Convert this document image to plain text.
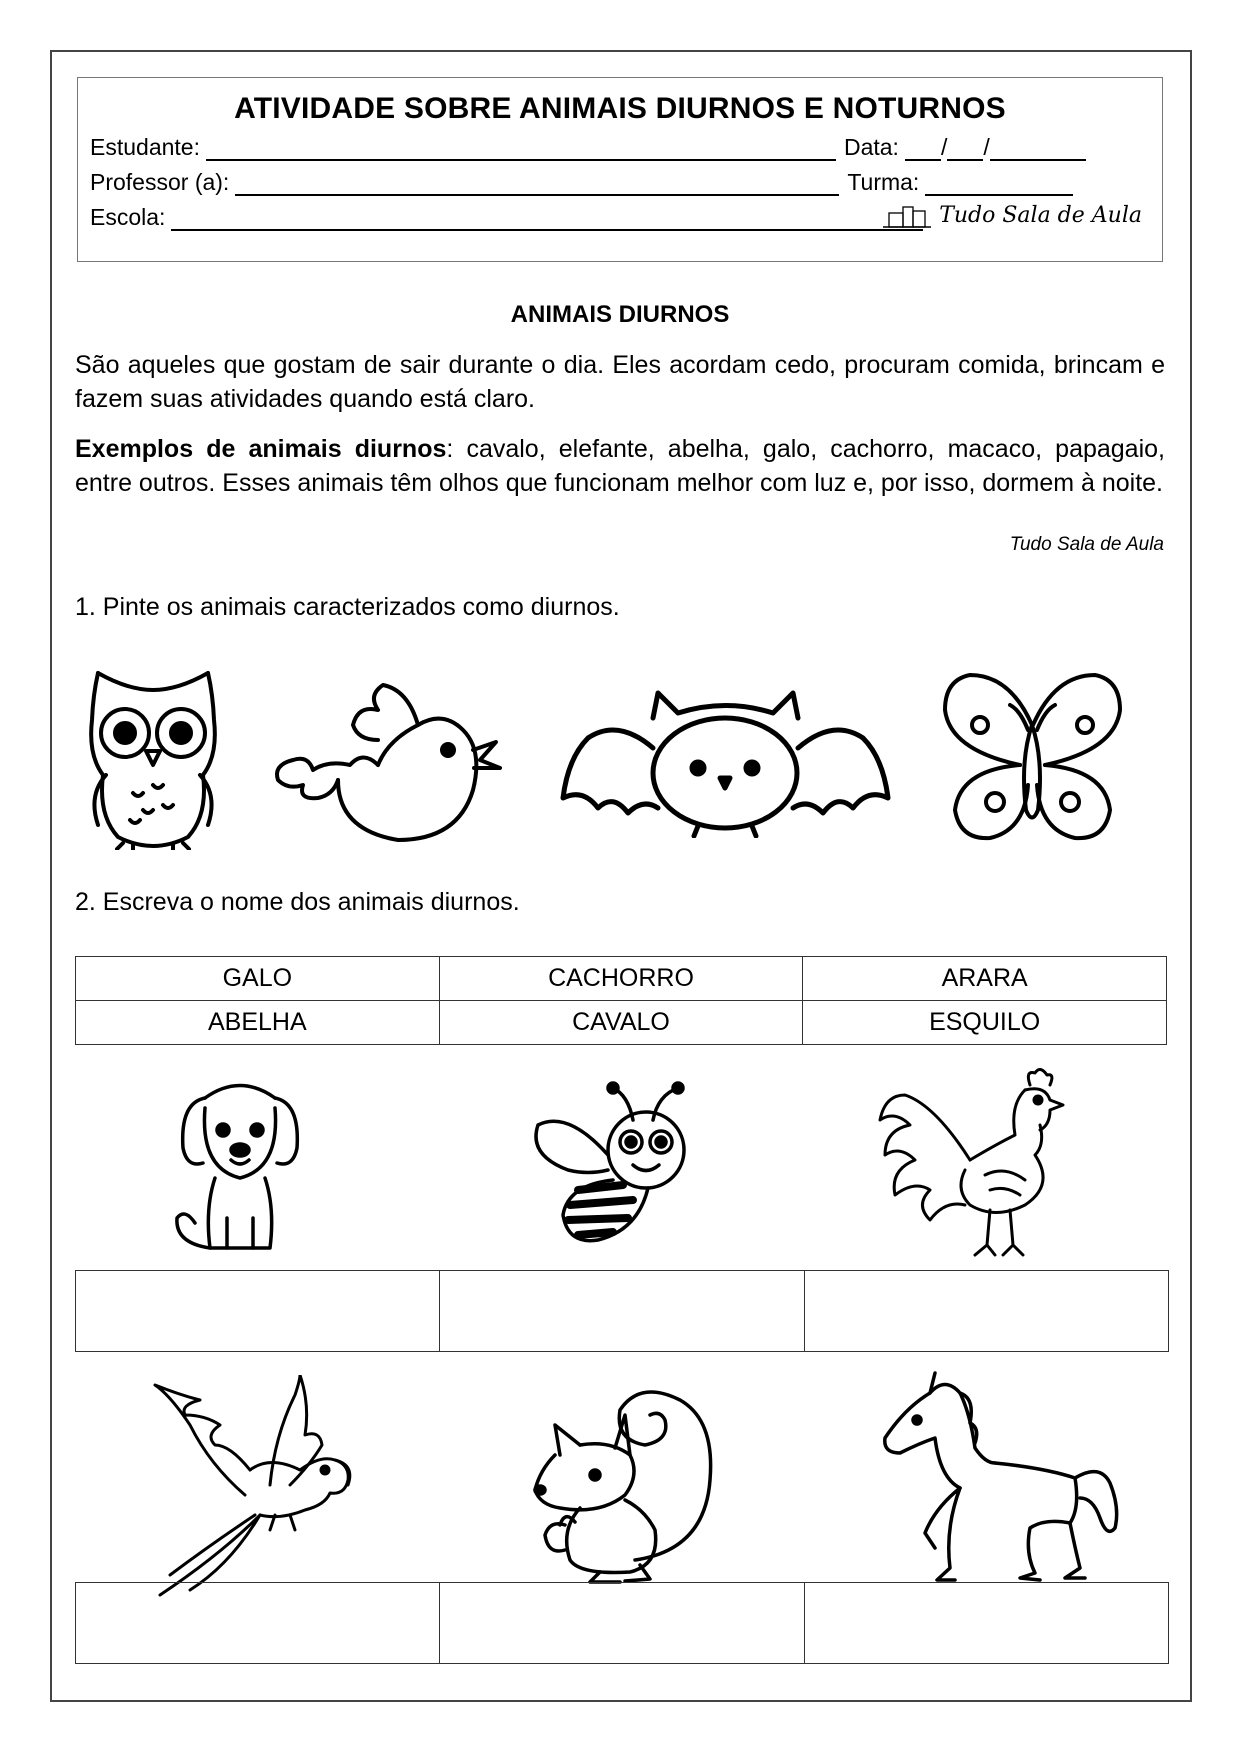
ATIVIDADE SOBRE ANIMAIS DIURNOS E NOTURNOS
Estudante:	Data: / /
Professor (a):	Turma:
Escola:	Tudo Sala de Aula
ANIMAIS DIURNOS
São aqueles que gostam de sair durante o dia. Eles acordam cedo, procuram comida, brincam e fazem suas atividades quando está claro.
Exemplos de animais diurnos: cavalo, elefante, abelha, galo, cachorro, macaco, papagaio, entre outros. Esses animais têm olhos que funcionam melhor com luz e, por isso, dormem à noite.
Tudo Sala de Aula
1. Pinte os animais caracterizados como diurnos.
2. Escreva o nome dos animais diurnos.
GALO	CACHORRO	ARARA
ABELHA	CAVALO	ESQUILO
